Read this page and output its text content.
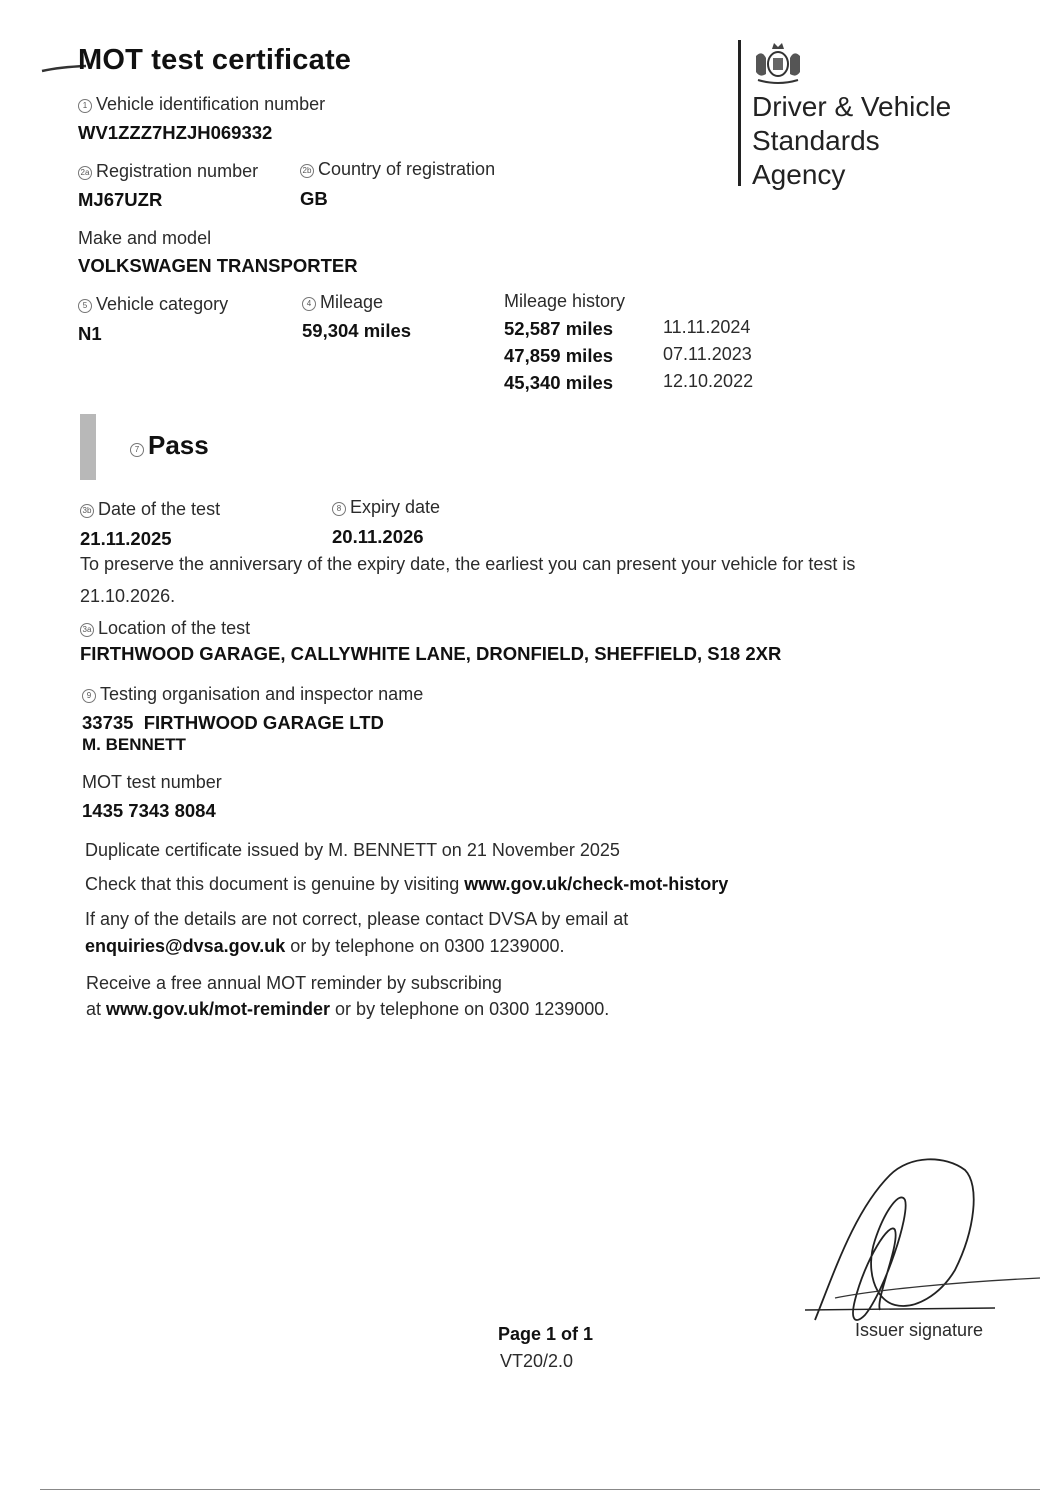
MOT test certificate
Driver & Vehicle
Standards
Agency
1 Vehicle identification number
WV1ZZZ7HZJH069332
2a Registration number
MJ67UZR
2b Country of registration
GB
Make and model
VOLKSWAGEN TRANSPORTER
5 Vehicle category
N1
4 Mileage
59,304 miles
Mileage history
52,587 miles	11.11.2024
47,859 miles	07.11.2023
45,340 miles	12.10.2022
7 Pass
3b Date of the test
21.11.2025
8 Expiry date
20.11.2026
To preserve the anniversary of the expiry date, the earliest you can present your vehicle for test is
21.10.2026.
3a Location of the test
FIRTHWOOD GARAGE, CALLYWHITE LANE, DRONFIELD, SHEFFIELD, S18 2XR
9 Testing organisation and inspector name
33735  FIRTHWOOD GARAGE LTD
M. BENNETT
MOT test number
1435 7343 8084
Duplicate certificate issued by M. BENNETT on 21 November 2025
Check that this document is genuine by visiting www.gov.uk/check-mot-history
If any of the details are not correct, please contact DVSA by email at
enquiries@dvsa.gov.uk or by telephone on 0300 1239000.
Receive a free annual MOT reminder by subscribing
at www.gov.uk/mot-reminder or by telephone on 0300 1239000.
Issuer signature
Page 1 of 1
VT20/2.0
